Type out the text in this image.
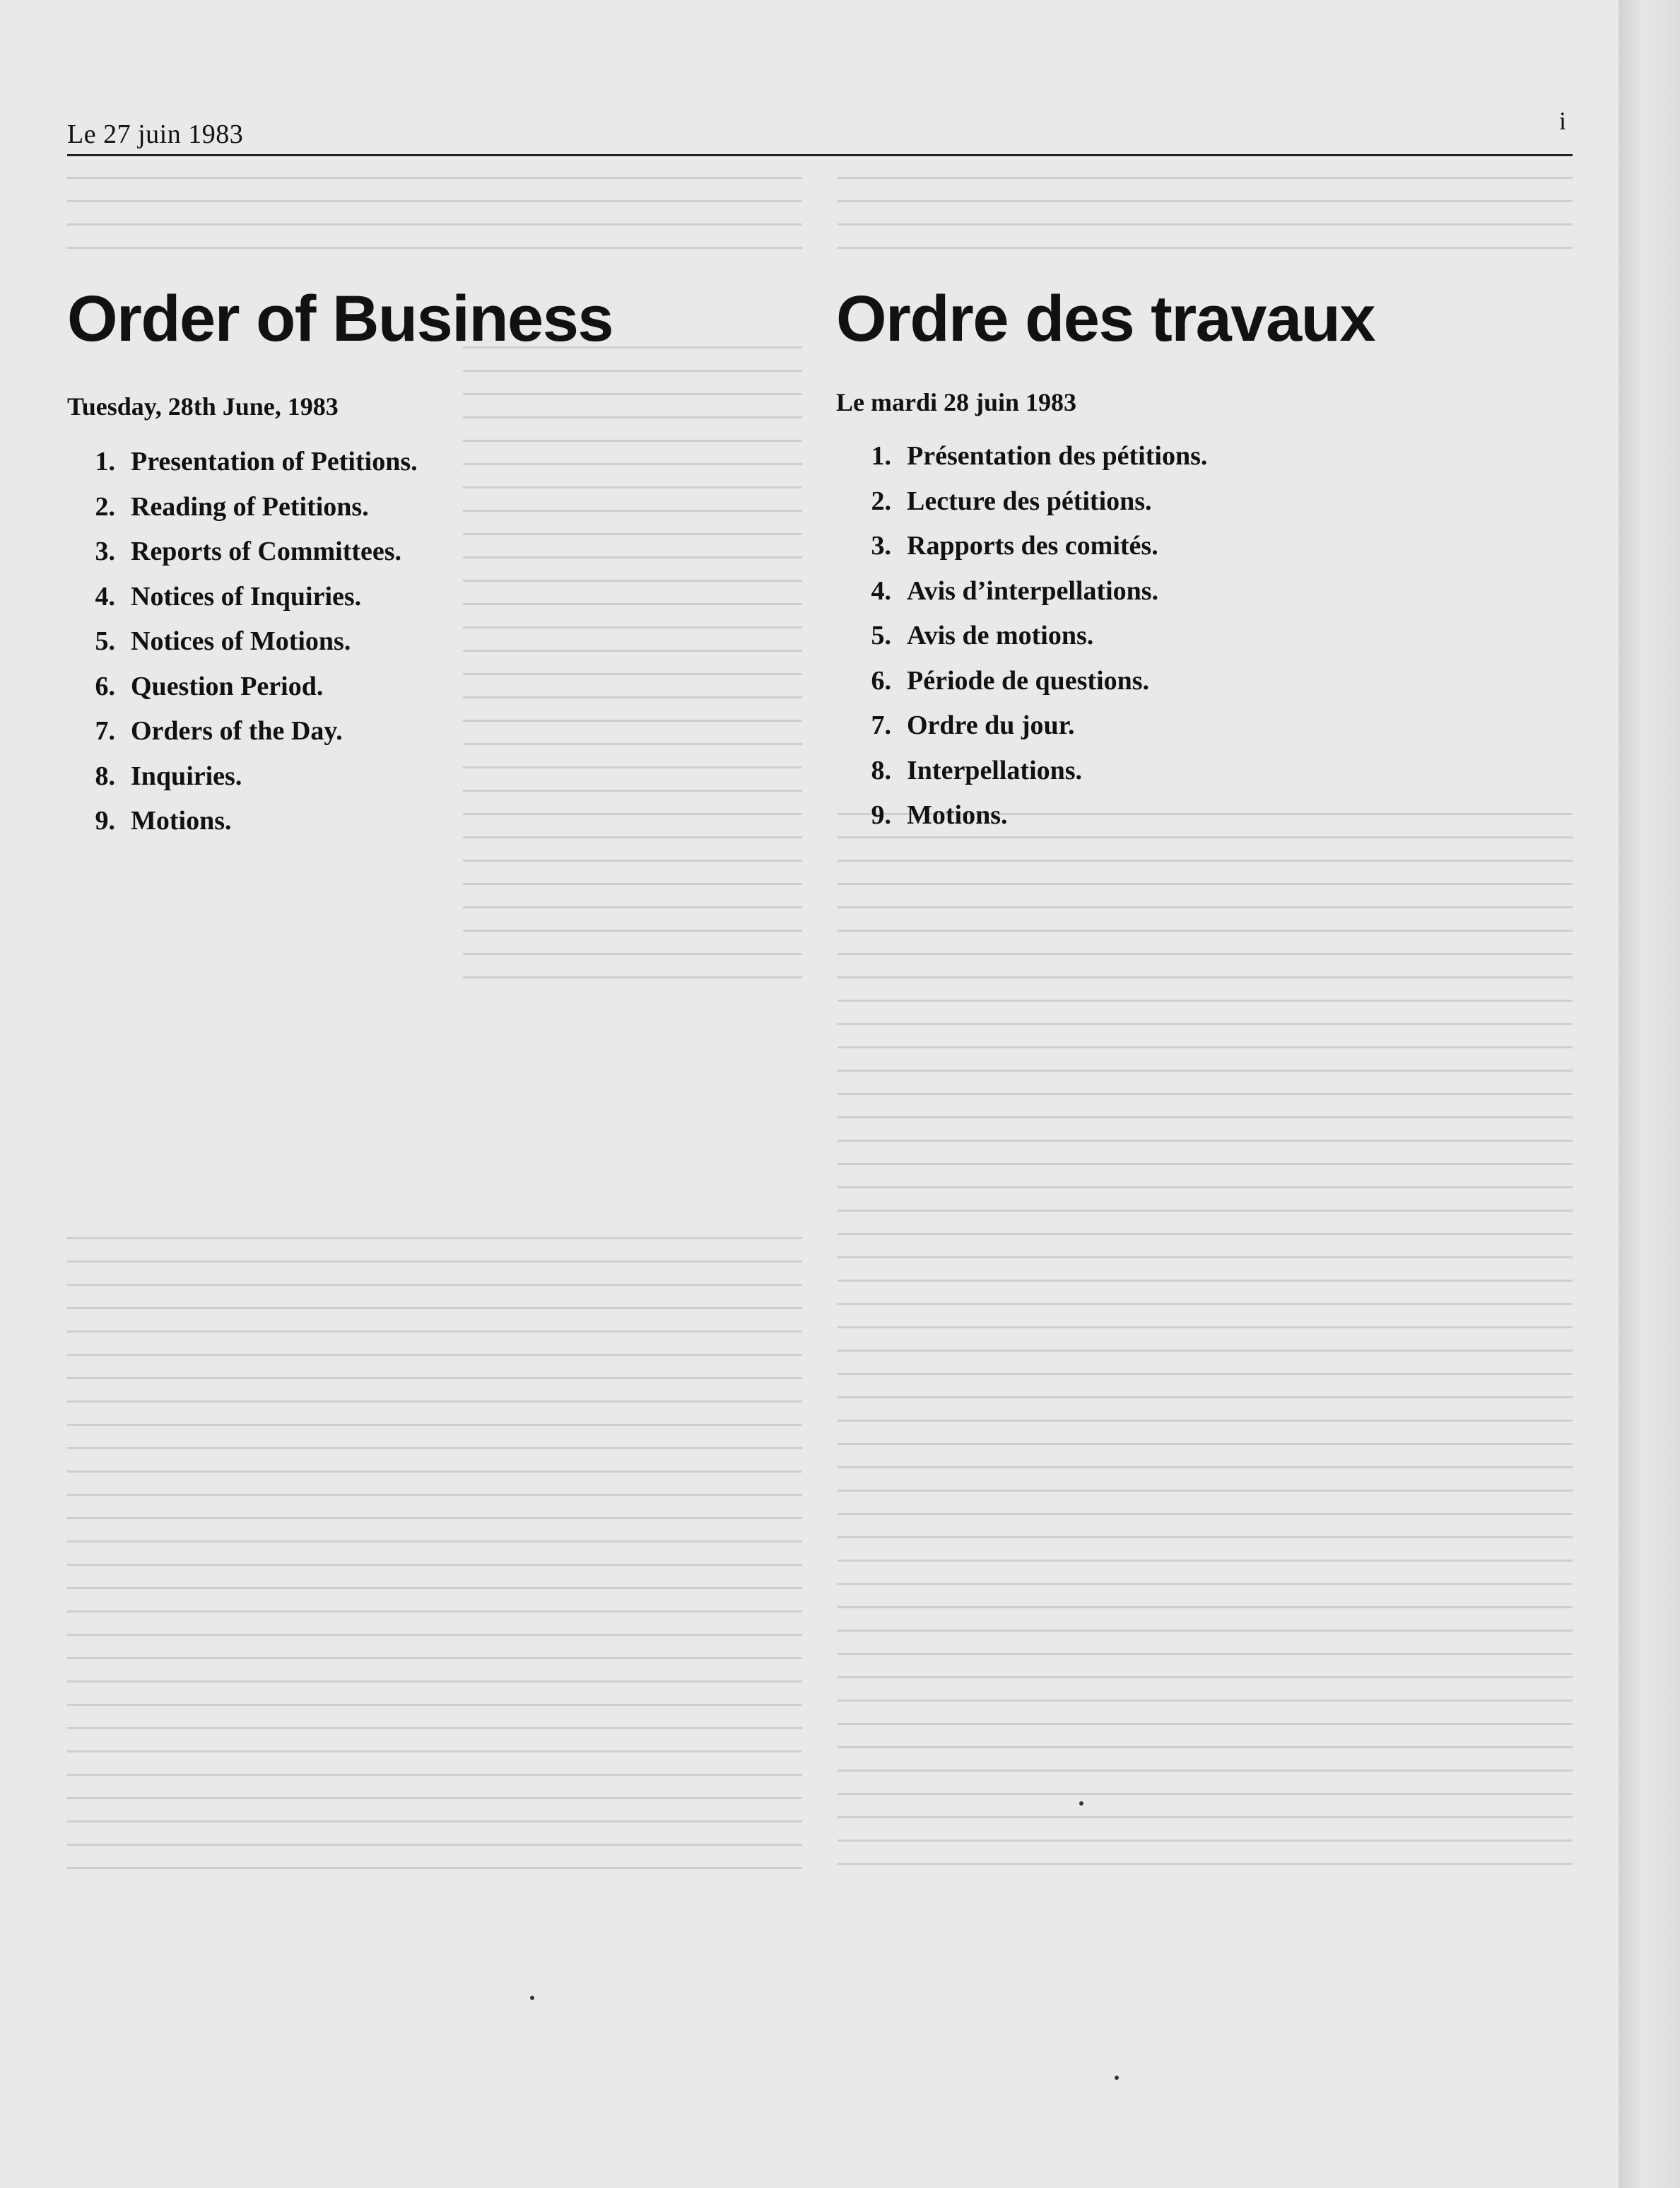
Le 27 juin 1983	i
Order of Business

Tuesday, 28th June, 1983

1. Presentation of Petitions.
2. Reading of Petitions.
3. Reports of Committees.
4. Notices of Inquiries.
5. Notices of Motions.
6. Question Period.
7. Orders of the Day.
8. Inquiries.
9. Motions.
Ordre des travaux

Le mardi 28 juin 1983

1. Présentation des pétitions.
2. Lecture des pétitions.
3. Rapports des comités.
4. Avis d’interpellations.
5. Avis de motions.
6. Période de questions.
7. Ordre du jour.
8. Interpellations.
9. Motions.
